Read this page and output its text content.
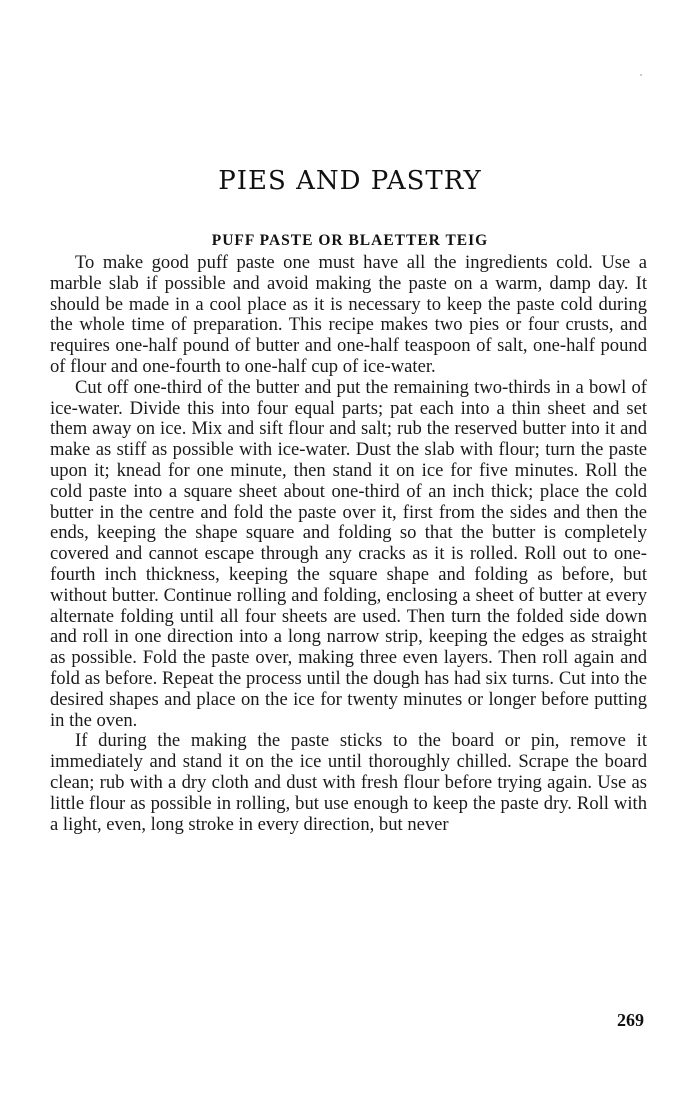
PIES AND PASTRY
PUFF PASTE OR BLAETTER TEIG

To make good puff paste one must have all the ingredients cold. Use a marble slab if possible and avoid making the paste on a warm, damp day. It should be made in a cool place as it is necessary to keep the paste cold during the whole time of preparation. This recipe makes two pies or four crusts, and requires one-half pound of butter and one-half teaspoon of salt, one-half pound of flour and one-fourth to one-half cup of ice-water.

Cut off one-third of the butter and put the remaining two-thirds in a bowl of ice-water. Divide this into four equal parts; pat each into a thin sheet and set them away on ice. Mix and sift flour and salt; rub the reserved butter into it and make as stiff as possible with ice-water. Dust the slab with flour; turn the paste upon it; knead for one minute, then stand it on ice for five minutes. Roll the cold paste into a square sheet about one-third of an inch thick; place the cold butter in the centre and fold the paste over it, first from the sides and then the ends, keeping the shape square and folding so that the butter is completely covered and cannot escape through any cracks as it is rolled. Roll out to one-fourth inch thickness, keeping the square shape and folding as before, but without butter. Continue rolling and folding, enclosing a sheet of butter at every alternate folding until all four sheets are used. Then turn the folded side down and roll in one direction into a long narrow strip, keeping the edges as straight as possible. Fold the paste over, making three even layers. Then roll again and fold as before. Repeat the process until the dough has had six turns. Cut into the desired shapes and place on the ice for twenty minutes or longer before putting in the oven.

If during the making the paste sticks to the board or pin, remove it immediately and stand it on the ice until thoroughly chilled. Scrape the board clean; rub with a dry cloth and dust with fresh flour before trying again. Use as little flour as possible in rolling, but use enough to keep the paste dry. Roll with a light, even, long stroke in every direction, but never

269
